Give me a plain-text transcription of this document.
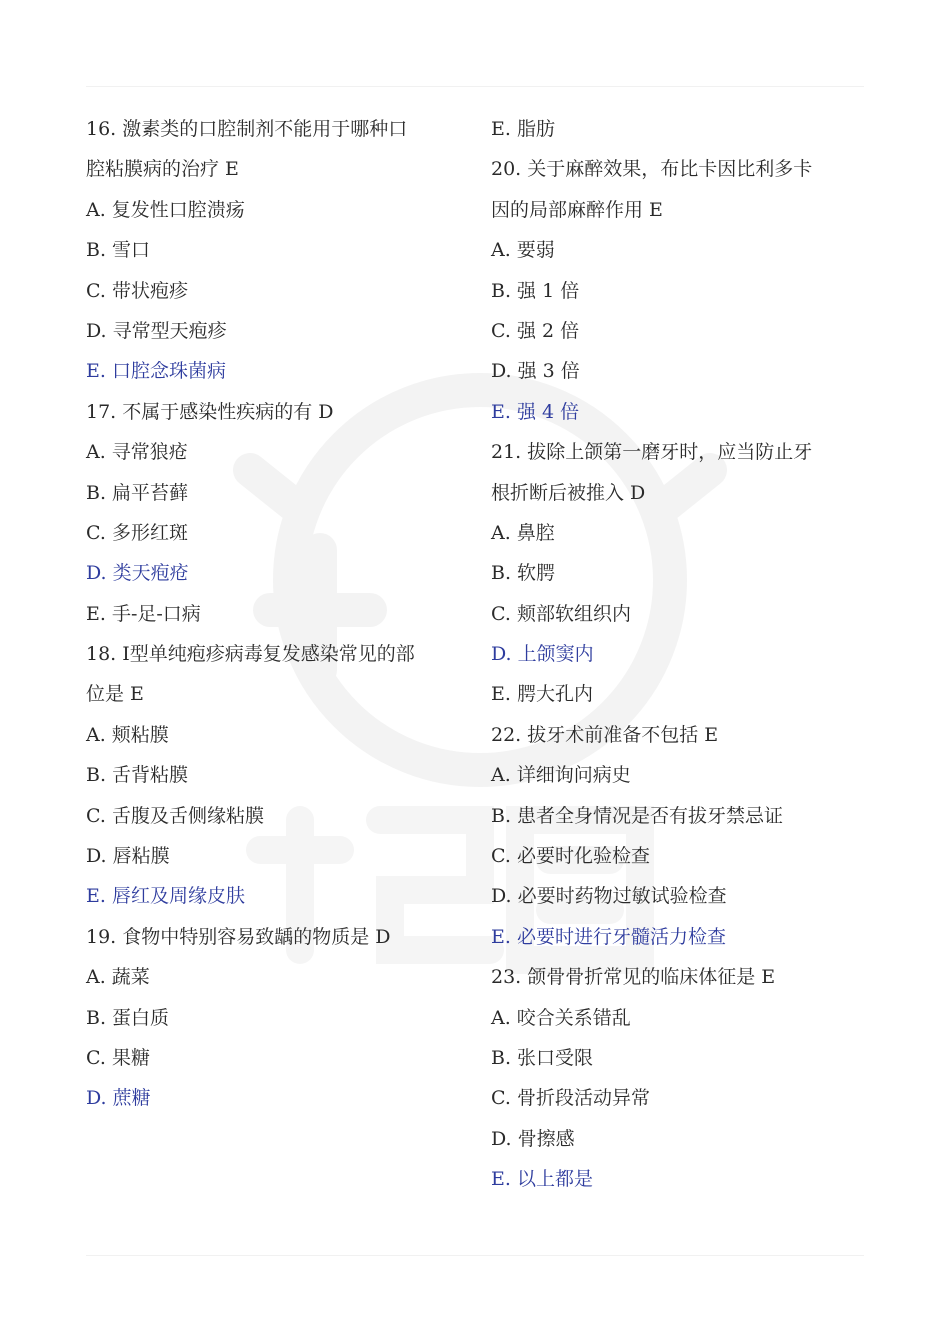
16. 激素类的口腔制剂不能用于哪种口
腔粘膜病的治疗 E
A. 复发性口腔溃疡
B. 雪口
C. 带状疱疹
D. 寻常型天疱疹
E. 口腔念珠菌病
17. 不属于感染性疾病的有 D
A. 寻常狼疮
B. 扁平苔藓
C. 多形红斑
D. 类天疱疮
E. 手-足-口病
18. I型单纯疱疹病毒复发感染常见的部
位是 E
A. 颊粘膜
B. 舌背粘膜
C. 舌腹及舌侧缘粘膜
D. 唇粘膜
E. 唇红及周缘皮肤
19. 食物中特别容易致龋的物质是 D
A. 蔬菜
B. 蛋白质
C. 果糖
D. 蔗糖
E. 脂肪
20. 关于麻醉效果，布比卡因比利多卡
因的局部麻醉作用 E
A. 要弱
B. 强 1 倍
C. 强 2 倍
D. 强 3 倍
E. 强 4 倍
21. 拔除上颌第一磨牙时，应当防止牙
根折断后被推入 D
A. 鼻腔
B. 软腭
C. 颊部软组织内
D. 上颌窦内
E. 腭大孔内
22. 拔牙术前准备不包括 E
A. 详细询问病史
B. 患者全身情况是否有拔牙禁忌证
C. 必要时化验检查
D. 必要时药物过敏试验检查
E. 必要时进行牙髓活力检查
23. 颌骨骨折常见的临床体征是 E
A. 咬合关系错乱
B. 张口受限
C. 骨折段活动异常
D. 骨擦感
E. 以上都是
